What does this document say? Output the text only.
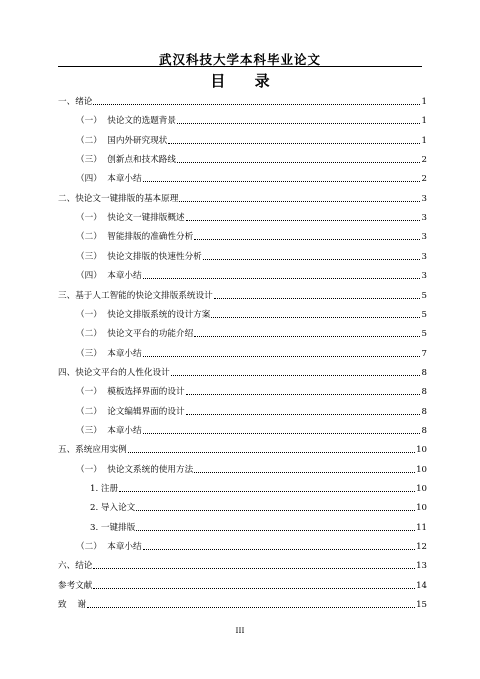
武汉科技大学本科毕业论文
目 录
一、绪论	1
（一）  快论文的选题背景	1
（二）  国内外研究现状	1
（三）  创新点和技术路线	2
（四）  本章小结	2
二、快论文一键排版的基本原理	3
（一）  快论文一键排版概述	3
（二）  智能排版的准确性分析	3
（三）  快论文排版的快速性分析	3
（四）  本章小结	3
三、基于人工智能的快论文排版系统设计	5
（一）  快论文排版系统的设计方案	5
（二）  快论文平台的功能介绍	5
（三）  本章小结	7
四、快论文平台的人性化设计	8
（一）  模板选择界面的设计	8
（二）  论文编辑界面的设计	8
（三）  本章小结	8
五、系统应用实例	10
（一）  快论文系统的使用方法	10
1. 注册	10
2. 导入论文	10
3. 一键排版	11
（二）  本章小结	12
六、结论	13
参考文献	14
致    谢	15
III
